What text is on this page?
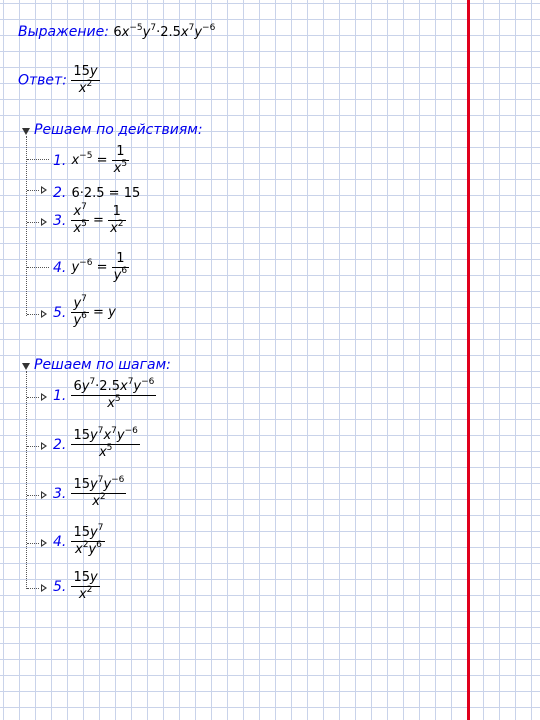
Выражение: $6x^{-5}y^7\cdot 2.5x^7y^{-6}$
Ответ: $\frac{15y}{x^2}$
Решаем по действиям:
1. $x^{-5} = \frac{1}{x^5}$
2. 6·2.5 = 15
3. $\frac{x^7}{x^5} = \frac{1}{x^2}$
4. $y^{-6} = \frac{1}{y^6}$
5. $\frac{y^7}{y^6} = y$
Решаем по шагам:
1. $\frac{6y^7\cdot 2.5x^7y^{-6}}{x^5}$
2. $\frac{15y^7x^7y^{-6}}{x^5}$
3. $\frac{15y^7y^{-6}}{x^2}$
4. $\frac{15y^7}{x^2y^6}$
5. $\frac{15y}{x^2}$
